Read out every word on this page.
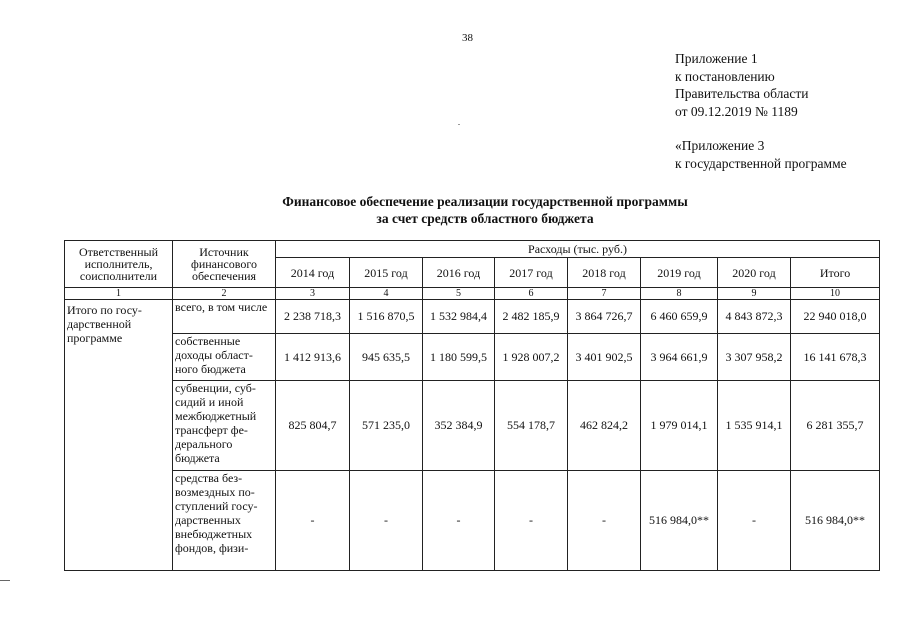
38
Приложение 1
к постановлению
Правительства области
от 09.12.2019 № 1189
«Приложение 3
к государственной программе
Финансовое обеспечение реализации государственной программы
за счет средств областного бюджета
Ответственный исполнитель, соисполнители	Источник финансового обеспечения	Расходы (тыс. руб.)							
		2014 год	2015 год	2016 год	2017 год	2018 год	2019 год	2020 год	Итого
1	2	3	4	5	6	7	8	9	10
Итого по госу- дарственной программе	всего, в том числе	2 238 718,3	1 516 870,5	1 532 984,4	2 482 185,9	3 864 726,7	6 460 659,9	4 843 872,3	22 940 018,0
	собственные доходы област- ного бюджета	1 412 913,6	945 635,5	1 180 599,5	1 928 007,2	3 401 902,5	3 964 661,9	3 307 958,2	16 141 678,3
	субвенции, суб- сидий и иной межбюджетный трансферт фе- дерального бюджета	825 804,7	571 235,0	352 384,9	554 178,7	462 824,2	1 979 014,1	1 535 914,1	6 281 355,7
	средства без- возмездных по- ступлений госу- дарственных внебюджетных фондов, физи-	-	-	-	-	-	516 984,0**	-	516 984,0**
